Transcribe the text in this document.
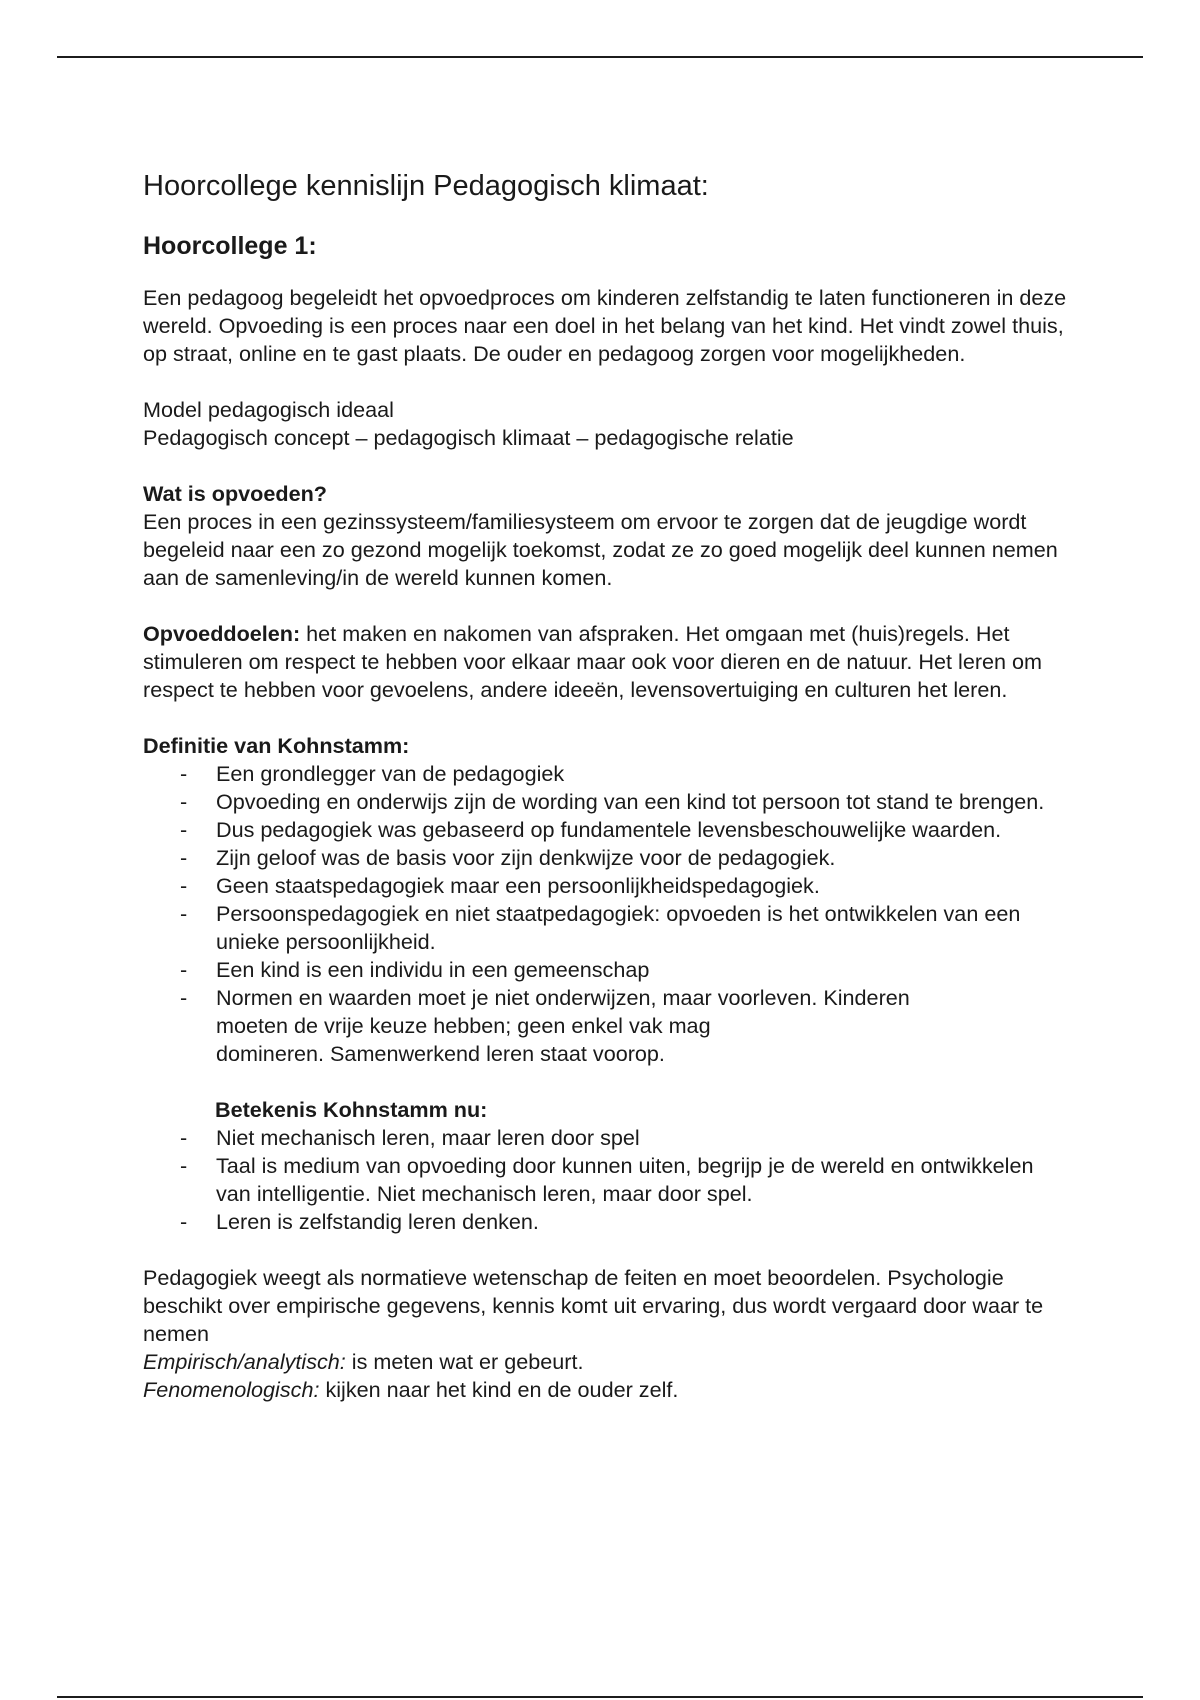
Hoorcollege kennislijn Pedagogisch klimaat:
Hoorcollege 1:

Een pedagoog begeleidt het opvoedproces om kinderen zelfstandig te laten functioneren in deze wereld. Opvoeding is een proces naar een doel in het belang van het kind. Het vindt zowel thuis, op straat, online en te gast plaats. De ouder en pedagoog zorgen voor mogelijkheden.

Model pedagogisch ideaal

Pedagogisch concept – pedagogisch klimaat – pedagogische relatie

Wat is opvoeden?

Een proces in een gezinssysteem/familiesysteem om ervoor te zorgen dat de jeugdige wordt begeleid naar een zo gezond mogelijk toekomst, zodat ze zo goed mogelijk deel kunnen nemen aan de samenleving/in de wereld kunnen komen.

Opvoeddoelen: het maken en nakomen van afspraken. Het omgaan met (huis)regels. Het stimuleren om respect te hebben voor elkaar maar ook voor dieren en de natuur. Het leren om respect te hebben voor gevoelens, andere ideeën, levensovertuiging en culturen het leren.

Definitie van Kohnstamm:

- Een grondlegger van de pedagogiek
- Opvoeding en onderwijs zijn de wording van een kind tot persoon tot stand te brengen.
- Dus pedagogiek was gebaseerd op fundamentele levensbeschouwelijke waarden.
- Zijn geloof was de basis voor zijn denkwijze voor de pedagogiek.
- Geen staatspedagogiek maar een persoonlijkheidspedagogiek.
- Persoonspedagogiek en niet staatpedagogiek: opvoeden is het ontwikkelen van een unieke persoonlijkheid.
- Een kind is een individu in een gemeenschap
- Normen en waarden moet je niet onderwijzen, maar voorleven. Kinderen
moeten de vrije keuze hebben; geen enkel vak mag
domineren. Samenwerkend leren staat voorop.

Betekenis Kohnstamm nu:

- Niet mechanisch leren, maar leren door spel
- Taal is medium van opvoeding door kunnen uiten, begrijp je de wereld en ontwikkelen van intelligentie. Niet mechanisch leren, maar door spel.
- Leren is zelfstandig leren denken.

Pedagogiek weegt als normatieve wetenschap de feiten en moet beoordelen. Psychologie beschikt over empirische gegevens, kennis komt uit ervaring, dus wordt vergaard door waar te nemen

Empirisch/analytisch: is meten wat er gebeurt.

Fenomenologisch: kijken naar het kind en de ouder zelf.
